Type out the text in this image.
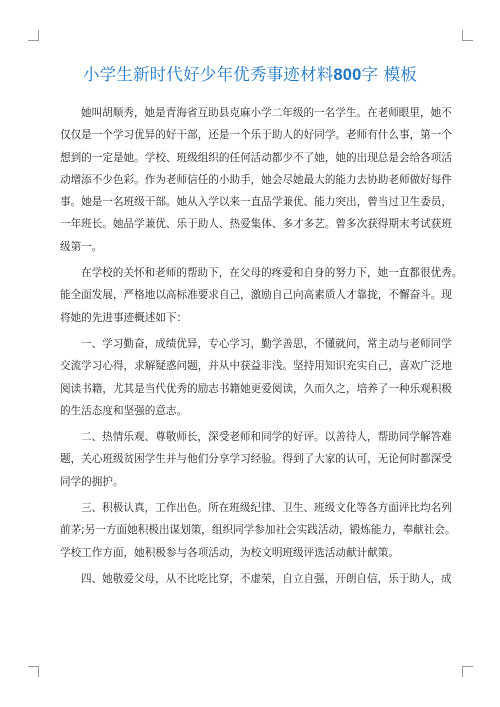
小学生新时代好少年优秀事迹材料800字 模板
她叫胡顺秀，她是青海省互助县克麻小学二年级的一名学生。在老师眼里，她不
仅仅是一个学习优异的好干部，还是一个乐于助人的好同学。老师有什么事，第一个
想到的一定是她。学校、班级组织的任何活动都少不了她，她的出现总是会给各项活
动增添不少色彩。作为老师信任的小助手，她会尽她最大的能力去协助老师做好每件
事。她是一名班级干部。她从入学以来一直品学兼优、能力突出，曾当过卫生委员，
一年班长。她品学兼优、乐于助人、热爱集体、多才多艺。曾多次获得期末考试获班
级第一。
在学校的关怀和老师的帮助下，在父母的疼爱和自身的努力下，她一直都很优秀。
能全面发展，严格地以高标准要求自己，激励自己向高素质人才靠拢，不懈奋斗。现
将她的先进事迹概述如下：
一、学习勤奋，成绩优异，专心学习，勤学善思，不懂就问，常主动与老师同学
交流学习心得，求解疑惑问题，并从中获益非浅。坚持用知识充实自己，喜欢广泛地
阅读书籍，尤其是当代优秀的励志书籍她更爱阅读，久而久之，培养了一种乐观积极
的生活态度和坚强的意志。
二、热情乐观、尊敬师长，深受老师和同学的好评。以善待人，帮助同学解答难
题，关心班级贫困学生并与他们分享学习经验。得到了大家的认可，无论何时都深受
同学的拥护。
三、积极认真，工作出色。所在班级纪律、卫生、班级文化等各方面评比均名列
前茅;另一方面她积极出谋划策，组织同学参加社会实践活动，锻炼能力，奉献社会。
学校工作方面，她积极参与各项活动，为校文明班级评选活动献计献策。
四、她敬爱父母，从不比吃比穿，不虚荣，自立自强，开朗自信，乐于助人，成
